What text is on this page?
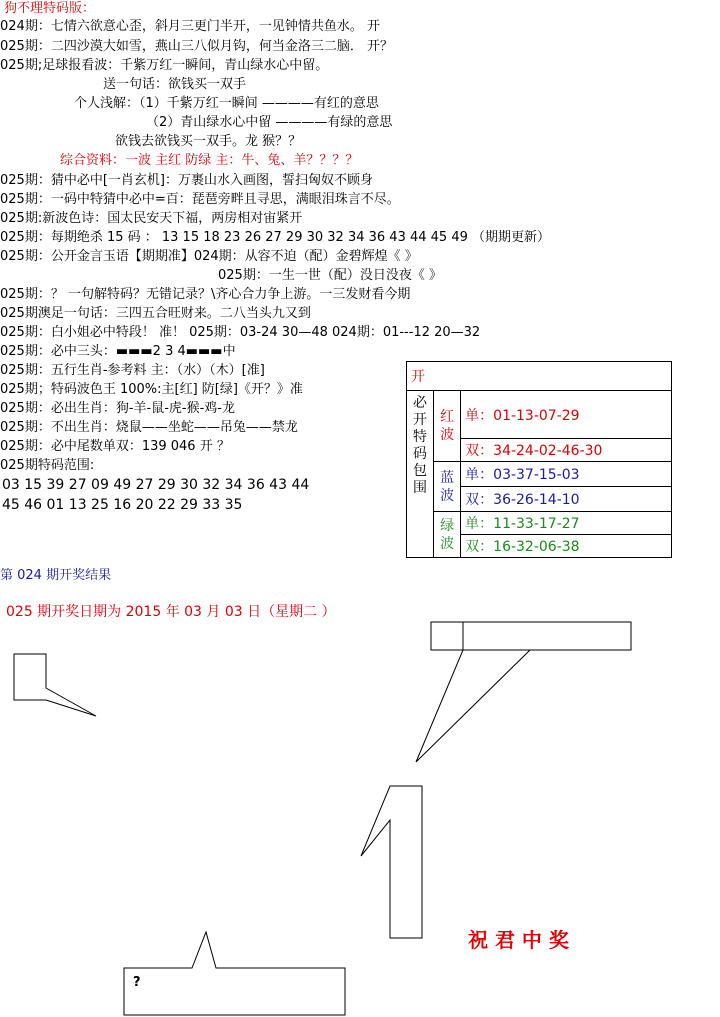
狗不理特码版：
024期：七情六欲意心歪，斜月三更门半开，一见钟情共鱼水。 开
025期：二四沙漠大如雪，燕山三八似月钩，何当金洛三二脑． 开？
025期;足球报看波：千紫万红一瞬间，青山绿水心中留。
送一句话：欲钱买一双手
个人浅解：（1）千紫万红一瞬间 ————有红的意思
（2）青山绿水心中留 ————有绿的意思
欲钱去欲钱买一双手。龙 猴？？
综合资料：一波 主红 防绿 主：牛、兔、羊？？？？
025期：猜中必中[一肖玄机]：万裹山水入画图，誓扫匈奴不顾身
025期：一码中特猜中必中=百：琵琶旁畔且寻思，满眼泪珠言不尽。
025期:新波色诗：国太民安天下福，两房相对宙紧开
025期：每期绝杀 15 码 ： 13 15 18 23 26 27 29 30 32 34 36 43 44 45 49 （期期更新）
025期：公开金言玉语【期期准】024期：从容不迫（配）金碧辉煌《 》
025期：一生一世（配）没日没夜《 》
025期：？ 一句解特码？无错记录？\齐心合力争上游。一三发财看今期
025期澳足一句话：三四五合旺财来。二八当头九又到
025期：白小姐必中特段！ 准！ 025期：03-24 30—48 024期：01---12 20—32
025期：必中三头：▬▬▬2 3 4▬▬▬中
025期：五行生肖-参考料 主：（水）（木）[准]
025期；特码波色王 100%:主[红] 防[绿]《开？》准
025期：必出生肖：狗-羊-鼠-虎-猴-鸡-龙
025期：不出生肖：烧鼠——坐蛇——吊兔——禁龙
025期：必中尾数单双：139 046 开 ？
025期特码范围:
03 15 39 27 09 49 27 29 30 32 34 36 43 44
45 46 01 13 25 16 20 22 29 33 35
开		
必开特码包围	红波	单：01-13-07-29
		双：34-24-02-46-30
	蓝波	单：03-37-15-03
		双：36-26-14-10
	绿波	单：11-33-17-27
		双：16-32-06-38
第 024 期开奖结果
025 期开奖日期为 2015 年 03 月 03 日（星期二 ）
?
祝 君 中 奖
